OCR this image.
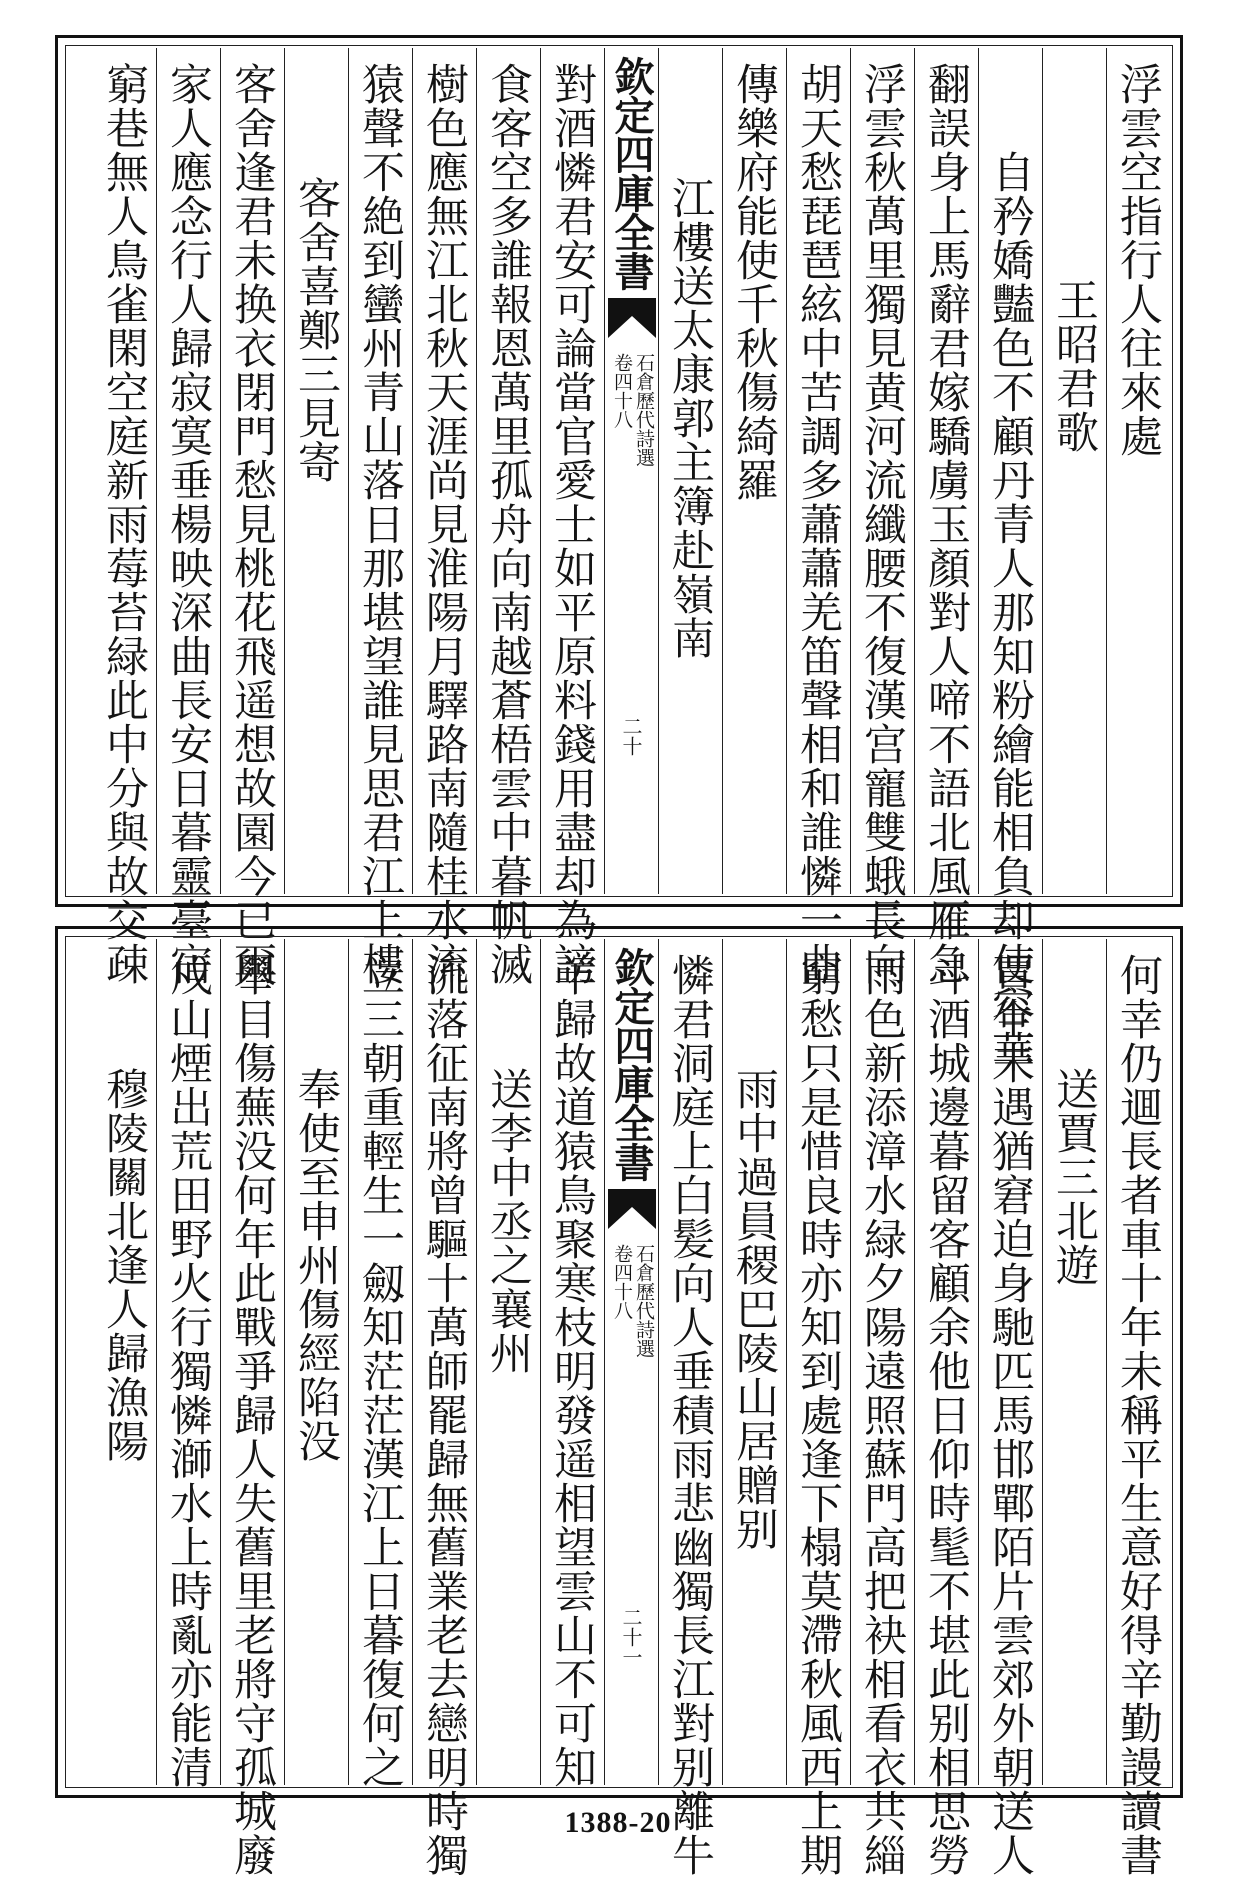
浮雲空指行人往來處
王昭君歌
自矜嬌豔色不顧丹青人那知粉繪能相負却使容華
翻誤身上馬辭君嫁驕虜玉顏對人啼不語北風雁急
浮雲秋萬里獨見黄河流纖腰不復漢宫寵雙蛾長向
胡天愁琵琶絃中苦調多蕭蕭羌笛聲相和誰憐一曲
傳樂府能使千秋傷綺羅
江樓送太康郭主簿赴嶺南
欽定四庫全書
石倉歷代詩選
卷四十八
二十
對酒憐君安可論當官愛士如平原料錢用盡却為謗
食客空多誰報恩萬里孤舟向南越蒼梧雲中暮帆滅
樹色應無江北秋天涯尚見淮陽月驛路南隨桂水流
猿聲不絶到蠻州青山落日那堪望誰見思君江上樓
客舍喜鄭三見寄
客舍逢君未换衣閉門愁見桃花飛遥想故園今已爾
家人應念行人歸寂寞垂楊映深曲長安日暮靈臺宿
窮巷無人鳥雀閑空庭新雨莓苔緑此中分與故交疎
何幸仍逥長者車十年未稱平生意好得辛勤謾讀書
送賈三北遊
賈生未遇猶窘迫身馳匹馬邯鄲陌片雲郊外朝送人
斗酒城邊暮留客顧余他日仰時髦不堪此别相思勞
雨色新添漳水緑夕陽遠照蘇門高把袂相看衣共緇
窮愁只是惜良時亦知到處逢下榻莫滯秋風西上期
雨中過員稷巴陵山居贈别
憐君洞庭上白髪向人垂積雨悲幽獨長江對别離牛
欽定四庫全書
石倉歷代詩選
卷四十八
二十一
羊歸故道猿鳥聚寒枝明發遥相望雲山不可知
送李中丞之襄州
流落征南將曾驅十萬師罷歸無舊業老去戀明時獨
立三朝重輕生一劔知茫茫漢江上日暮復何之
奉使至申州傷經陷没
舉目傷蕪没何年此戰爭歸人失舊里老將守孤城廢
戍山煙出荒田野火行獨憐溮水上時亂亦能清
穆陵關北逢人歸漁陽
1388-20
